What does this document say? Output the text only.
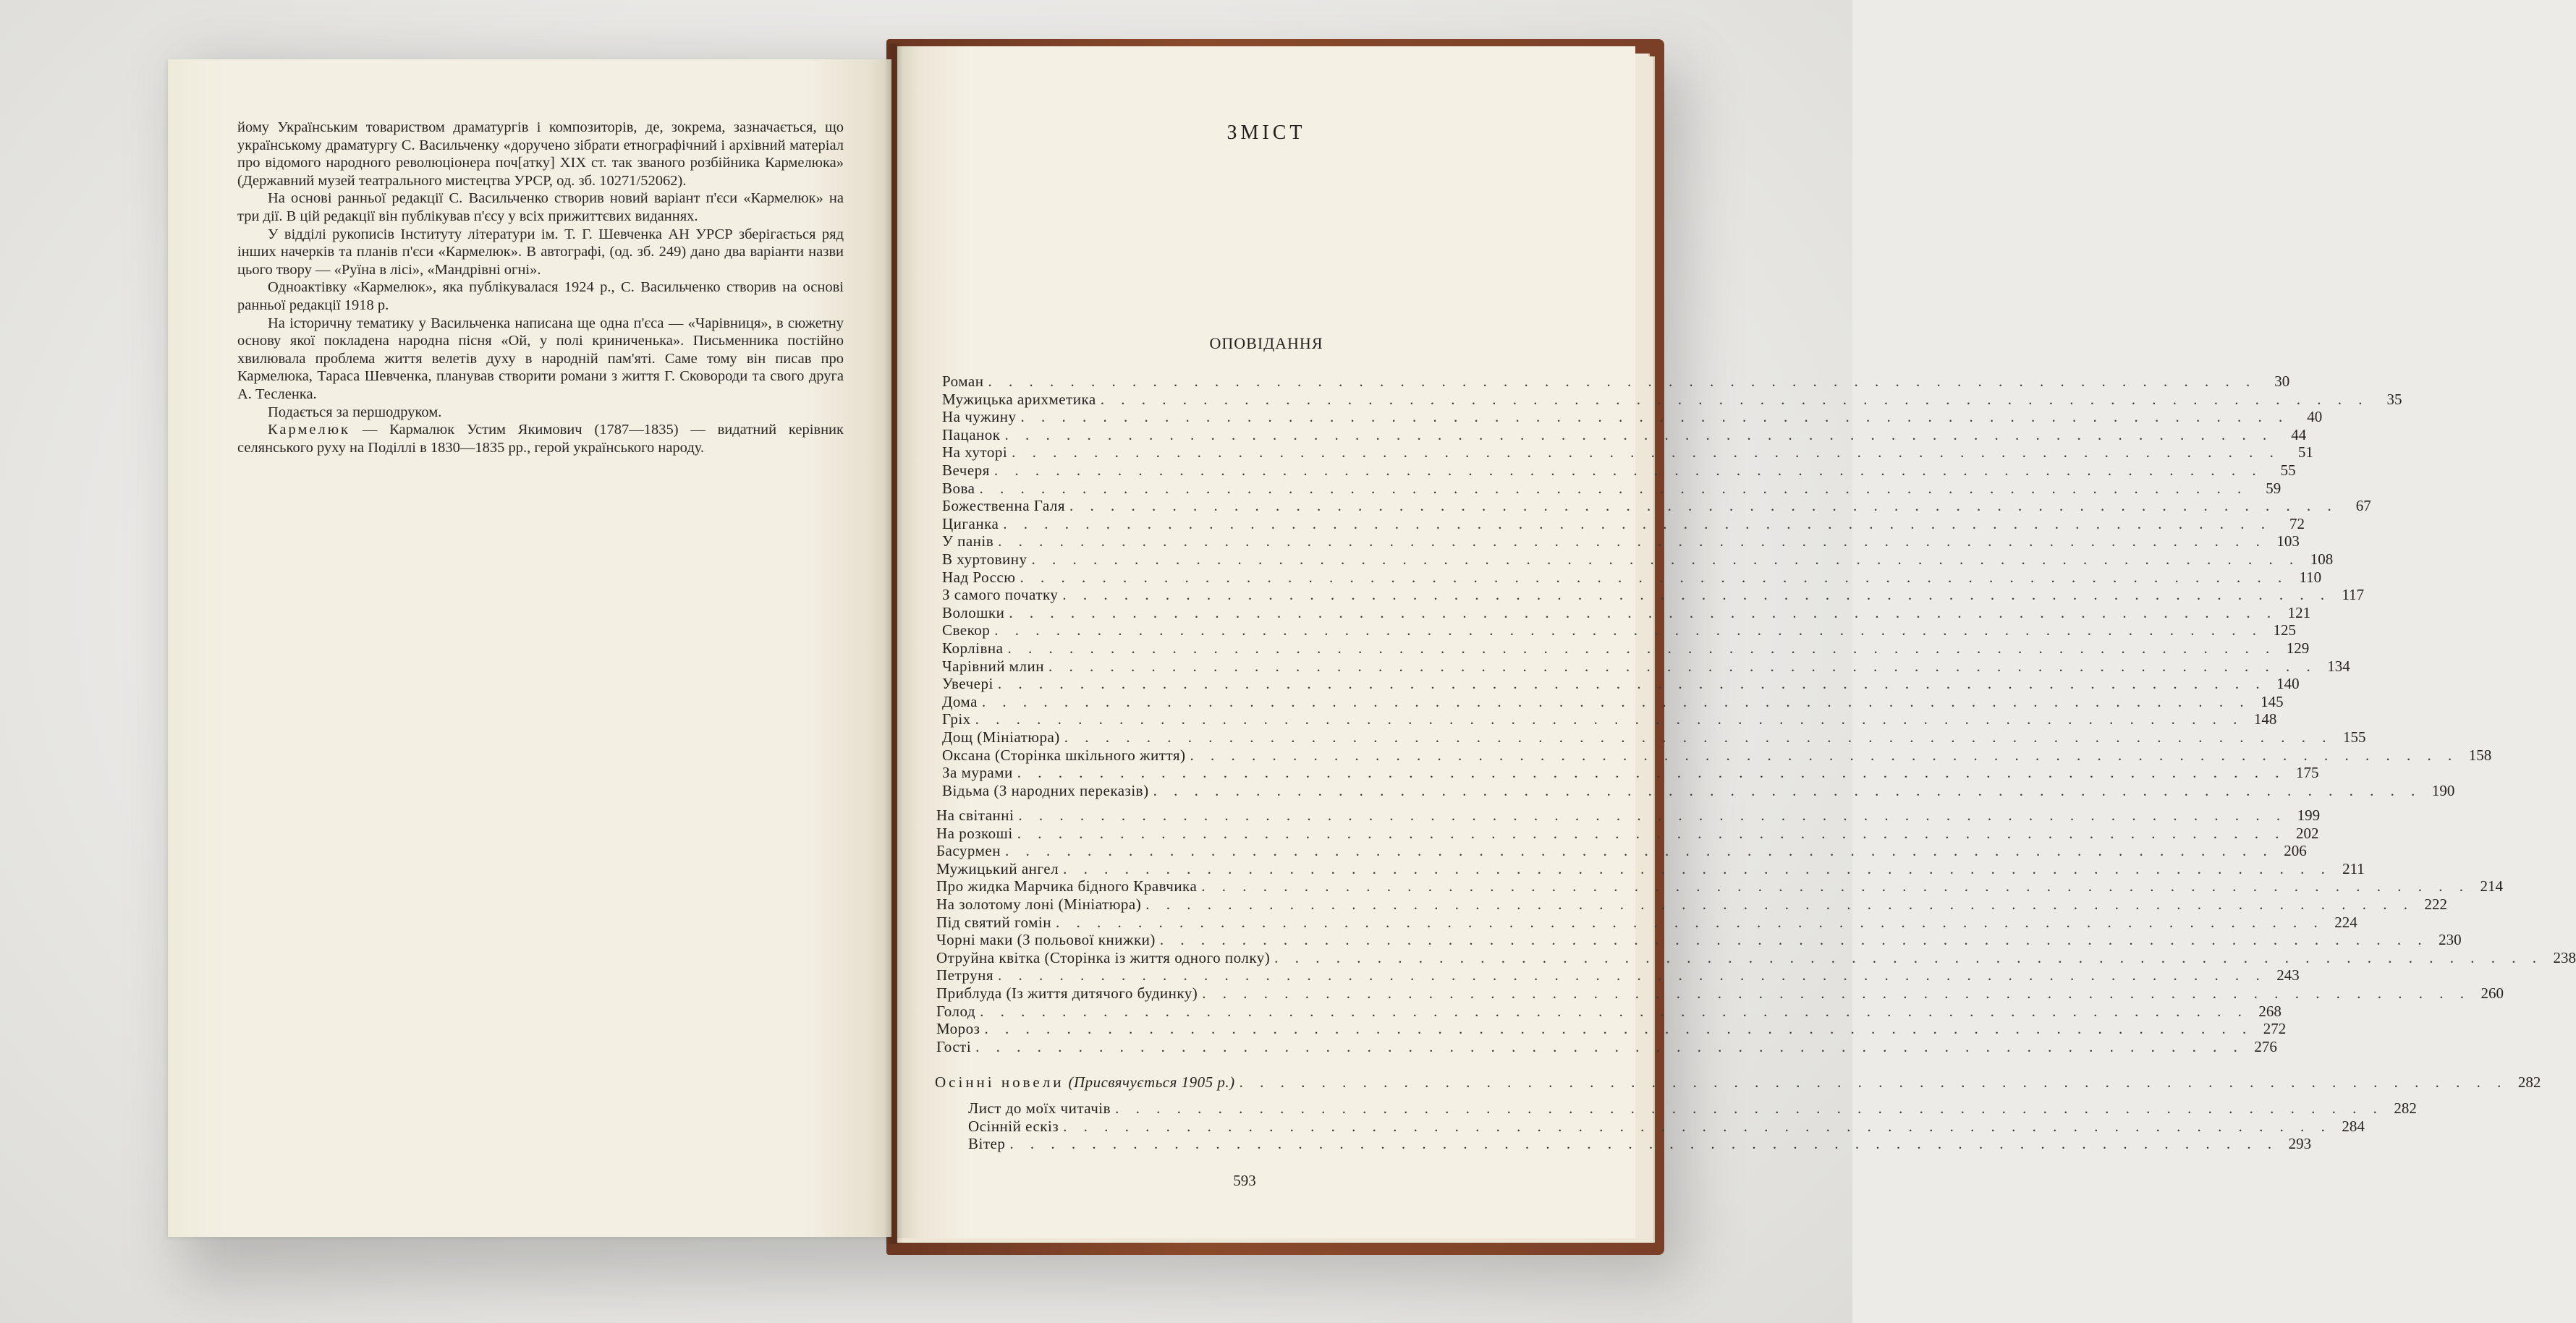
йому Українським товариством драматургів і композиторів, де, зокрема, зазначається, що українському драматургу С. Васильченку «доручено зібрати етнографічний і архівний матеріал про відомого народного революціонера поч[атку] XIX ст. так званого розбійника Кармелюка» (Державний музей театрального мистецтва УРСР, од. зб. 10271/52062).

На основі ранньої редакції С. Васильченко створив новий варіант п'єси «Кармелюк» на три дії. В цій редакції він публікував п'єсу у всіх прижиттєвих виданнях.

У відділі рукописів Інституту літератури ім. Т. Г. Шевченка АН УРСР зберігається ряд інших начерків та планів п'єси «Кармелюк». В автографі, (од. зб. 249) дано два варіанти назви цього твору — «Руїна в лісі», «Мандрівні огні».

Одноактівку «Кармелюк», яка публікувалася 1924 р., С. Васильченко створив на основі ранньої редакції 1918 р.

На історичну тематику у Васильченка написана ще одна п'єса — «Чарівниця», в сюжетну основу якої покладена народна пісня «Ой, у полі криниченька». Письменника постійно хвилювала проблема життя велетів духу в народній пам'яті. Саме тому він писав про Кармелюка, Тараса Шевченка, планував створити романи з життя Г. Сковороди та свого друга А. Тесленка.

Подається за першодруком.

Кармелюк — Кармалюк Устим Якимович (1787—1835) — видатний керівник селянського руху на Поділлі в 1830—1835 рр., герой українського народу.

ЗМІСТ
ОПОВІДАННЯ
Роман . . . . . . . . . . . . . . . . . . . . . . . . . . . . . . . . . . . . . . . . . . . . . . . . . . . . . . . . . . . . . .	30
Мужицька арихметика . . . . . . . . . . . . . . . . . . . . . . . . . . . . . . . . . . . . . . . . . . . . . . . . . . . . . . . . . . . . . .	35
На чужину . . . . . . . . . . . . . . . . . . . . . . . . . . . . . . . . . . . . . . . . . . . . . . . . . . . . . . . . . . . . . .	40
Пацанок . . . . . . . . . . . . . . . . . . . . . . . . . . . . . . . . . . . . . . . . . . . . . . . . . . . . . . . . . . . . . .	44
На хуторі . . . . . . . . . . . . . . . . . . . . . . . . . . . . . . . . . . . . . . . . . . . . . . . . . . . . . . . . . . . . . .	51
Вечеря . . . . . . . . . . . . . . . . . . . . . . . . . . . . . . . . . . . . . . . . . . . . . . . . . . . . . . . . . . . . . .	55
Вова . . . . . . . . . . . . . . . . . . . . . . . . . . . . . . . . . . . . . . . . . . . . . . . . . . . . . . . . . . . . . .	59
Божественна Галя . . . . . . . . . . . . . . . . . . . . . . . . . . . . . . . . . . . . . . . . . . . . . . . . . . . . . . . . . . . . . .	67
Циганка . . . . . . . . . . . . . . . . . . . . . . . . . . . . . . . . . . . . . . . . . . . . . . . . . . . . . . . . . . . . . .	72
У панів . . . . . . . . . . . . . . . . . . . . . . . . . . . . . . . . . . . . . . . . . . . . . . . . . . . . . . . . . . . . . . 103
В хуртовину . . . . . . . . . . . . . . . . . . . . . . . . . . . . . . . . . . . . . . . . . . . . . . . . . . . . . . . . . . . . . . 108
Над Россю . . . . . . . . . . . . . . . . . . . . . . . . . . . . . . . . . . . . . . . . . . . . . . . . . . . . . . . . . . . . . . 110
З самого початку . . . . . . . . . . . . . . . . . . . . . . . . . . . . . . . . . . . . . . . . . . . . . . . . . . . . . . . . . . . . . . 117
Волошки . . . . . . . . . . . . . . . . . . . . . . . . . . . . . . . . . . . . . . . . . . . . . . . . . . . . . . . . . . . . . . 121
Свекор . . . . . . . . . . . . . . . . . . . . . . . . . . . . . . . . . . . . . . . . . . . . . . . . . . . . . . . . . . . . . . 125
Корлівна . . . . . . . . . . . . . . . . . . . . . . . . . . . . . . . . . . . . . . . . . . . . . . . . . . . . . . . . . . . . . . 129
Чарівний млин . . . . . . . . . . . . . . . . . . . . . . . . . . . . . . . . . . . . . . . . . . . . . . . . . . . . . . . . . . . . . . 134
Увечері . . . . . . . . . . . . . . . . . . . . . . . . . . . . . . . . . . . . . . . . . . . . . . . . . . . . . . . . . . . . . . 140
Дома . . . . . . . . . . . . . . . . . . . . . . . . . . . . . . . . . . . . . . . . . . . . . . . . . . . . . . . . . . . . . . 145
Гріх . . . . . . . . . . . . . . . . . . . . . . . . . . . . . . . . . . . . . . . . . . . . . . . . . . . . . . . . . . . . . . 148
Дощ (Мініатюра) . . . . . . . . . . . . . . . . . . . . . . . . . . . . . . . . . . . . . . . . . . . . . . . . . . . . . . . . . . . . . . 155
Оксана (Сторінка шкільного життя) . . . . . . . . . . . . . . . . . . . . . . . . . . . . . . . . . . . . . . . . . . . . . . . . . . . . . . . . . . . . . . 158
За мурами . . . . . . . . . . . . . . . . . . . . . . . . . . . . . . . . . . . . . . . . . . . . . . . . . . . . . . . . . . . . . . 175
Відьма (З народних переказів) . . . . . . . . . . . . . . . . . . . . . . . . . . . . . . . . . . . . . . . . . . . . . . . . . . . . . . . . . . . . . . 190
На світанні . . . . . . . . . . . . . . . . . . . . . . . . . . . . . . . . . . . . . . . . . . . . . . . . . . . . . . . . . . . . . . 199
На розкоші . . . . . . . . . . . . . . . . . . . . . . . . . . . . . . . . . . . . . . . . . . . . . . . . . . . . . . . . . . . . . . 202
Басурмен . . . . . . . . . . . . . . . . . . . . . . . . . . . . . . . . . . . . . . . . . . . . . . . . . . . . . . . . . . . . . . 206
Мужицький ангел . . . . . . . . . . . . . . . . . . . . . . . . . . . . . . . . . . . . . . . . . . . . . . . . . . . . . . . . . . . . . . 211
Про жидка Марчика бідного Кравчика . . . . . . . . . . . . . . . . . . . . . . . . . . . . . . . . . . . . . . . . . . . . . . . . . . . . . . . . . . . . . . 214
На золотому лоні (Мініатюра) . . . . . . . . . . . . . . . . . . . . . . . . . . . . . . . . . . . . . . . . . . . . . . . . . . . . . . . . . . . . . . 222
Під святий гомін . . . . . . . . . . . . . . . . . . . . . . . . . . . . . . . . . . . . . . . . . . . . . . . . . . . . . . . . . . . . . . 224
Чорні маки (З польової книжки) . . . . . . . . . . . . . . . . . . . . . . . . . . . . . . . . . . . . . . . . . . . . . . . . . . . . . . . . . . . . . . 230
Отруйна квітка (Сторінка із життя одного полку) . . . . . . . . . . . . . . . . . . . . . . . . . . . . . . . . . . . . . . . . . . . . . . . . . . . . . . . . . . . . . . 238
Петруня . . . . . . . . . . . . . . . . . . . . . . . . . . . . . . . . . . . . . . . . . . . . . . . . . . . . . . . . . . . . . . 243
Приблуда (Із життя дитячого будинку) . . . . . . . . . . . . . . . . . . . . . . . . . . . . . . . . . . . . . . . . . . . . . . . . . . . . . . . . . . . . . . 260
Голод . . . . . . . . . . . . . . . . . . . . . . . . . . . . . . . . . . . . . . . . . . . . . . . . . . . . . . . . . . . . . . 268
Мороз . . . . . . . . . . . . . . . . . . . . . . . . . . . . . . . . . . . . . . . . . . . . . . . . . . . . . . . . . . . . . . 272
Гості . . . . . . . . . . . . . . . . . . . . . . . . . . . . . . . . . . . . . . . . . . . . . . . . . . . . . . . . . . . . . . 276
Осінні новели (Присвячується 1905 р.) . . . . . . . . . . . . . . . . . . . . . . . . . . . . . . . . . . . . . . . . . . . . . . . . . . . . . . . . . . . . . . 282
Лист до моїх читачів . . . . . . . . . . . . . . . . . . . . . . . . . . . . . . . . . . . . . . . . . . . . . . . . . . . . . . . . . . . . . . 282
Осінній ескіз . . . . . . . . . . . . . . . . . . . . . . . . . . . . . . . . . . . . . . . . . . . . . . . . . . . . . . . . . . . . . . 284
Вітер . . . . . . . . . . . . . . . . . . . . . . . . . . . . . . . . . . . . . . . . . . . . . . . . . . . . . . . . . . . . . . 293
593
